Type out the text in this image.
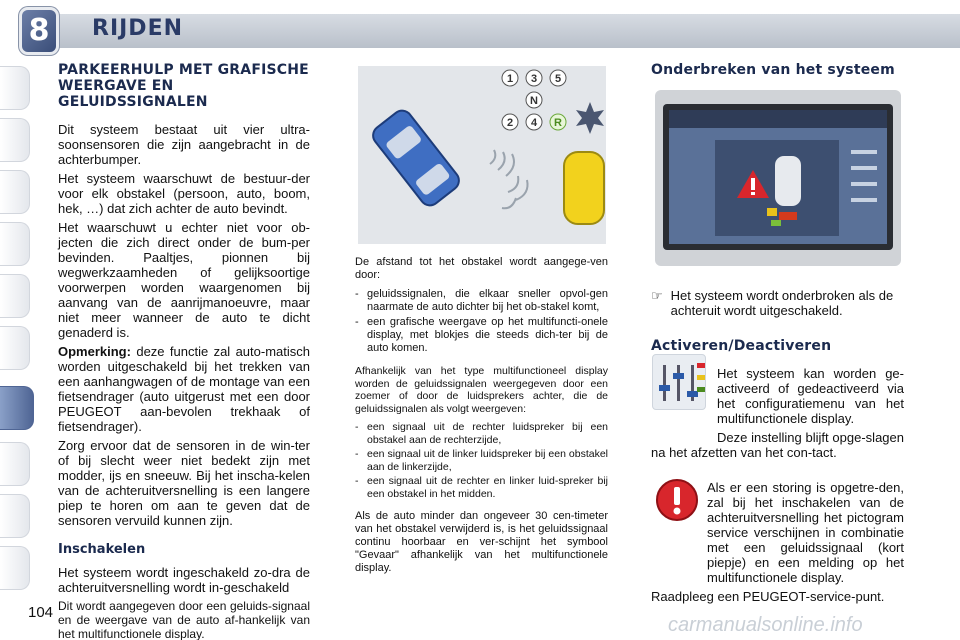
8 RIJDEN
PARKEERHULP MET GRAFISCHE WEERGAVE EN GELUIDSSIGNALEN

Dit systeem bestaat uit vier ultra-soonsensoren die zijn aangebracht in de achterbumper.

Het systeem waarschuwt de bestuur-der voor elk obstakel (persoon, auto, boom, hek, …) dat zich achter de auto bevindt.

Het waarschuwt u echter niet voor ob-jecten die zich direct onder de bum-per bevinden. Paaltjes, pionnen bij wegwerkzaamheden of gelijksoortige voorwerpen worden waargenomen bij aanvang van de aanrijmanoeuvre, maar niet meer wanneer de auto te dicht genaderd is.

Opmerking: deze functie zal auto-matisch worden uitgeschakeld bij het trekken van een aanhangwagen of de montage van een fietsendrager (auto uitgerust met een door PEUGEOT aan-bevolen trekhaak of fietsendrager).

Zorg ervoor dat de sensoren in de win-ter of bij slecht weer niet bedekt zijn met modder, ijs en sneeuw. Bij het inscha-kelen van de achteruitversnelling is een langere piep te horen om aan te geven dat de sensoren vervuild kunnen zijn.

Inschakelen

Het systeem wordt ingeschakeld zo-dra de achteruitversnelling wordt in-geschakeld

Dit wordt aangegeven door een geluids-signaal en de weergave van de auto af-hankelijk van het multifunctionele display.

1 3 5
N
2 4 R

De afstand tot het obstakel wordt aangege-ven door:

- geluidssignalen, die elkaar sneller opvol-gen naarmate de auto dichter bij het ob-stakel komt,
- een grafische weergave op het multifuncti-onele display, met blokjes die steeds dich-ter bij de auto komen.

Afhankelijk van het type multifunctioneel display worden de geluidssignalen weergegeven door een zoemer of door de luidsprekers achter, die de geluidssignalen als volgt weergeven:

- een signaal uit de rechter luidspreker bij een obstakel aan de rechterzijde,
- een signaal uit de linker luidspreker bij een obstakel aan de linkerzijde,
- een signaal uit de rechter en linker luid-spreker bij een obstakel in het midden.

Als de auto minder dan ongeveer 30 cen-timeter van het obstakel verwijderd is, is het geluidssignaal continu hoorbaar en ver-schijnt het symbool "Gevaar" afhankelijk van het multifunctionele display.

Onderbreken van het systeem
☞ Het systeem wordt onderbroken als de achteruit wordt uitgeschakeld.
Activeren/Deactiveren

Het systeem kan worden ge-activeerd of gedeactiveerd via het configuratiemenu van het multifunctionele display.

Deze instelling blijft opge-slagen na het afzetten van het con-tact.

Als er een storing is opgetre-den, zal bij het inschakelen van de achteruitversnelling het pictogram service verschijnen in combinatie met een geluidssignaal (kort piepje) en een melding op het multifunctionele display.

Raadpleeg een PEUGEOT-service-punt.

104
carmanualsonline.info
